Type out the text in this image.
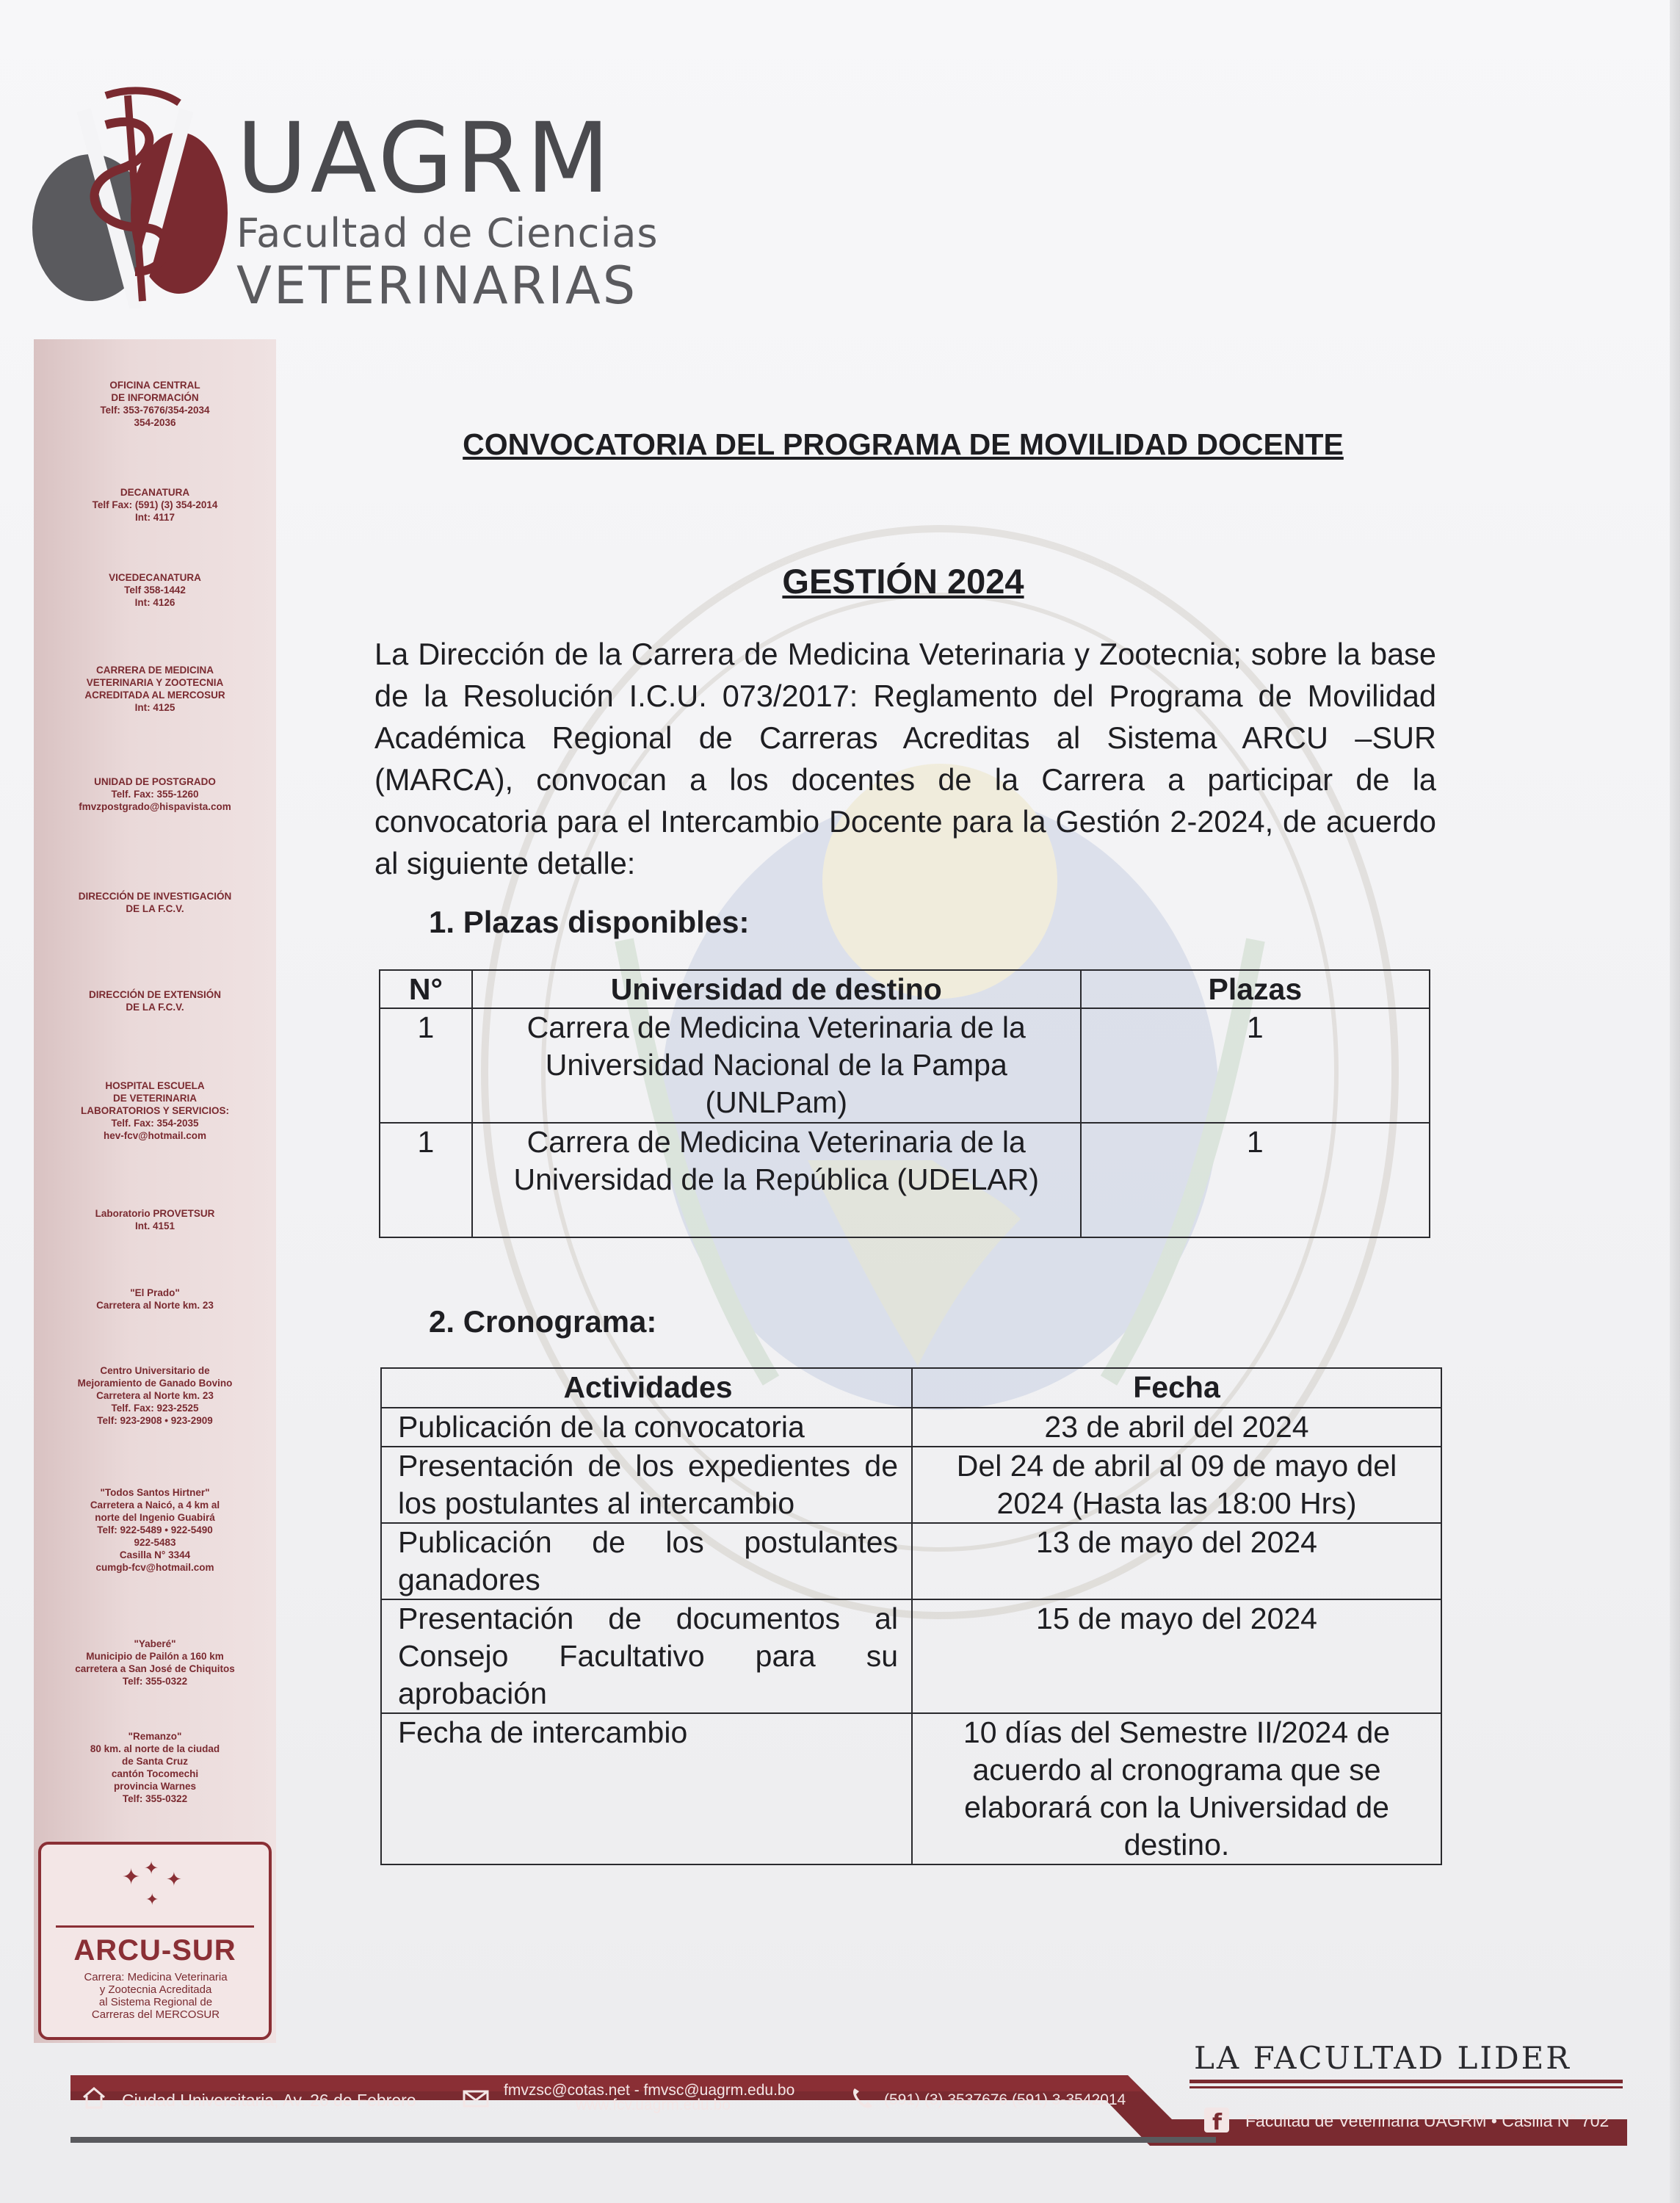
UAGRM
Facultad de Ciencias
VETERINARIAS
OFICINA CENTRAL
DE INFORMACIÓN
Telf: 353-7676/354-2034
354-2036
DECANATURA
Telf Fax: (591) (3) 354-2014
Int: 4117
VICEDECANATURA
Telf 358-1442
Int: 4126
CARRERA DE MEDICINA
VETERINARIA Y ZOOTECNIA
ACREDITADA AL MERCOSUR
Int: 4125
UNIDAD DE POSTGRADO
Telf. Fax: 355-1260
fmvzpostgrado@hispavista.com
DIRECCIÓN DE INVESTIGACIÓN
DE LA F.C.V.
DIRECCIÓN DE EXTENSIÓN
DE LA F.C.V.
HOSPITAL ESCUELA
DE VETERINARIA
LABORATORIOS Y SERVICIOS:
Telf. Fax: 354-2035
hev-fcv@hotmail.com
Laboratorio PROVETSUR
Int. 4151
"El Prado"
Carretera al Norte km. 23
Centro Universitario de
Mejoramiento de Ganado Bovino
Carretera al Norte km. 23
Telf. Fax: 923-2525
Telf: 923-2908 • 923-2909
"Todos Santos Hirtner"
Carretera a Naicó, a 4 km al
norte del Ingenio Guabirá
Telf: 922-5489 • 922-5490
922-5483
Casilla N° 3344
cumgb-fcv@hotmail.com
"Yaberé"
Municipio de Pailón a 160 km
carretera a San José de Chiquitos
Telf: 355-0322
"Remanzo"
80 km. al norte de la ciudad
de Santa Cruz
cantón Tocomechi
provincia Warnes
Telf: 355-0322
✦ ✦
✦
✦
ARCU-SUR
Carrera: Medicina Veterinaria
y Zootecnia Acreditada
al Sistema Regional de
Carreras del MERCOSUR
CONVOCATORIA DEL PROGRAMA DE MOVILIDAD DOCENTE
GESTIÓN 2024
La Dirección de la Carrera de Medicina Veterinaria y Zootecnia; sobre la base de la Resolución I.C.U. 073/2017: Reglamento del Programa de Movilidad Académica Regional de Carreras Acreditas al Sistema ARCU –SUR (MARCA), convocan a los docentes de la Carrera a participar de la convocatoria para el Intercambio Docente para la Gestión 2-2024, de acuerdo al siguiente detalle:
1. Plazas disponibles:
N°	Universidad de destino	Plazas
1	Carrera de Medicina Veterinaria de la Universidad Nacional de la Pampa (UNLPam)	1
1	Carrera de Medicina Veterinaria de la Universidad de la República (UDELAR)	1
2. Cronograma:
Actividades	Fecha
Publicación de la convocatoria	23 de abril del 2024
Presentación de los expedientes de los postulantes al intercambio	Del 24 de abril al 09 de mayo del 2024 (Hasta las 18:00 Hrs)
Publicación de los postulantes ganadores	13 de mayo del 2024
Presentación de documentos al Consejo Facultativo para su aprobación	15 de mayo del 2024
Fecha de intercambio	10 días del Semestre II/2024 de acuerdo al cronograma que se elaborará con la Universidad de destino.
LA FACULTAD LIDER
Ciudad Universitaria, Av. 26 de Febrero
fmvzsc@cotas.net - fmvsc@uagrm.edu.bo
www.fcv.uagrm.edu.bo	(591) (3) 3537676 (591) 3-3542014
f Facultad de Veterinaria UAGRM • Casilla N° 702
